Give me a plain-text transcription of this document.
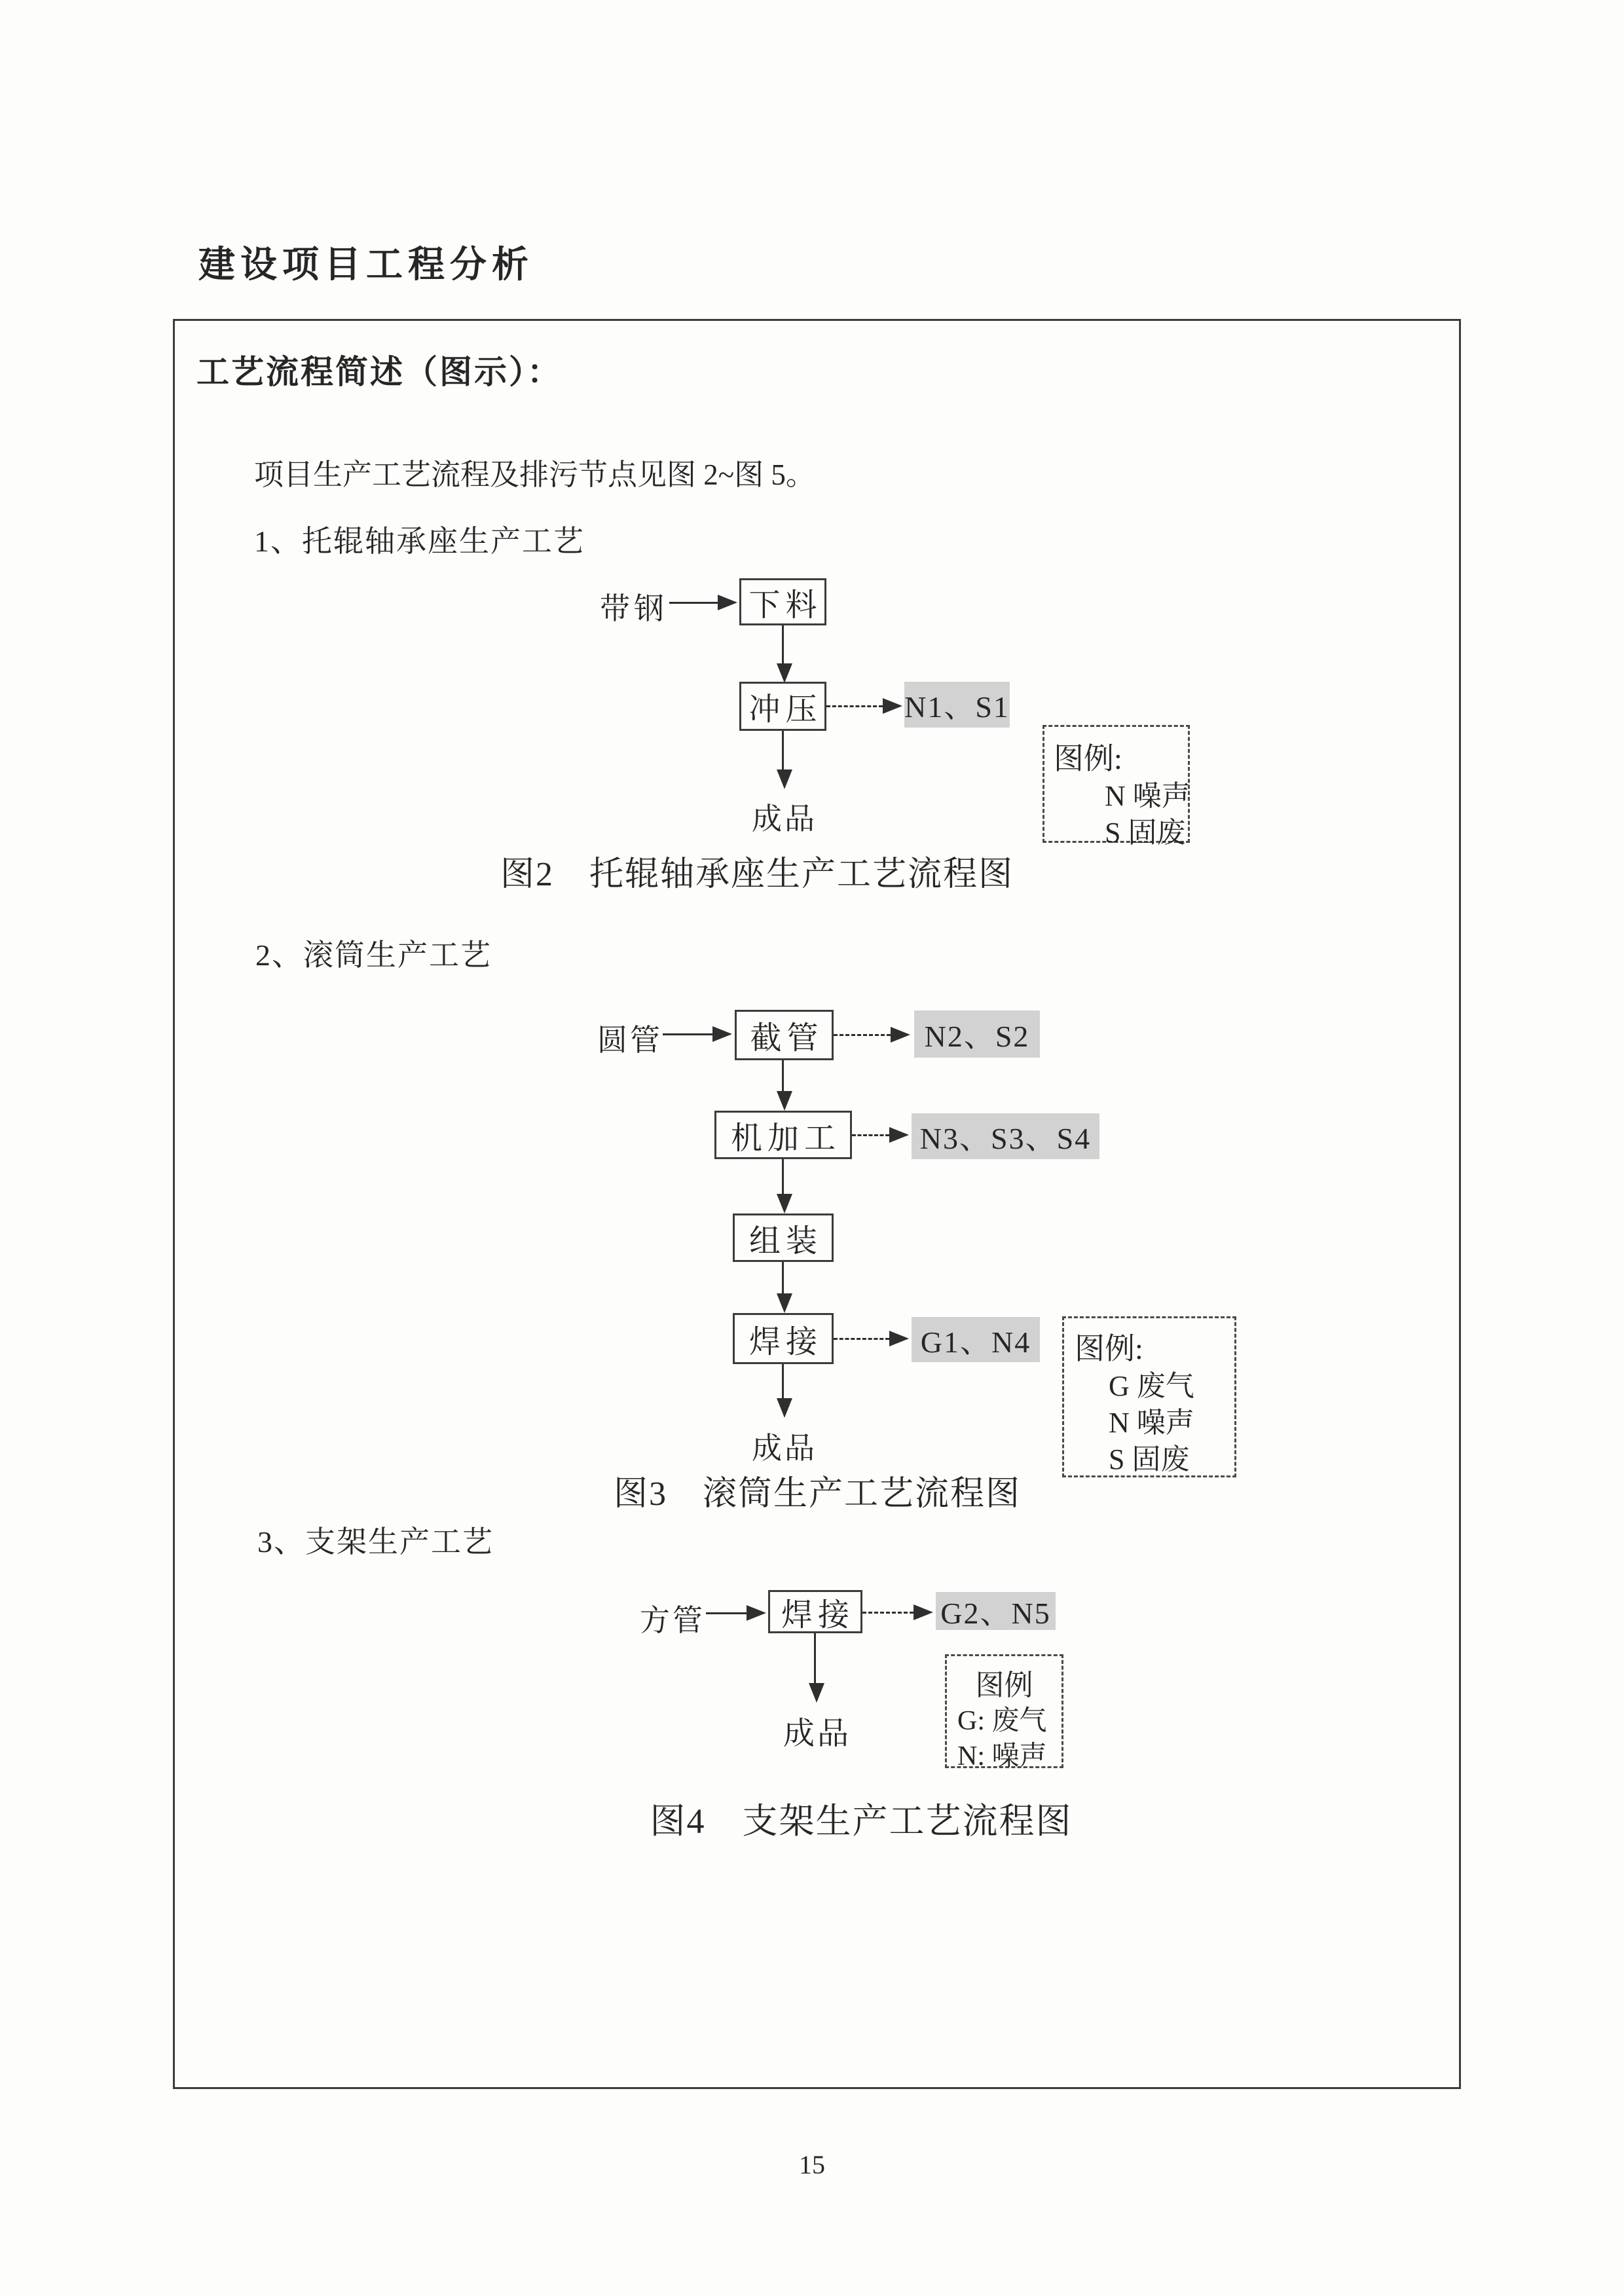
建设项目工程分析
工艺流程简述（图示）：
项目生产工艺流程及排污节点见图 2~图 5。
1、托辊轴承座生产工艺
带钢	下料
冲压	N1、S1
图例:
N 噪声
S 固废
成品
图2　托辊轴承座生产工艺流程图
2、滚筒生产工艺
圆管	截管	N2、S2
机加工	N3、S3、S4
组装
焊接	G1、N4 图例:
G 废气
N 噪声
S 固废
成品
图3　滚筒生产工艺流程图
3、支架生产工艺
方管	焊接	G2、N5
成品
图例
G: 废气
N: 噪声
图4　支架生产工艺流程图
15
